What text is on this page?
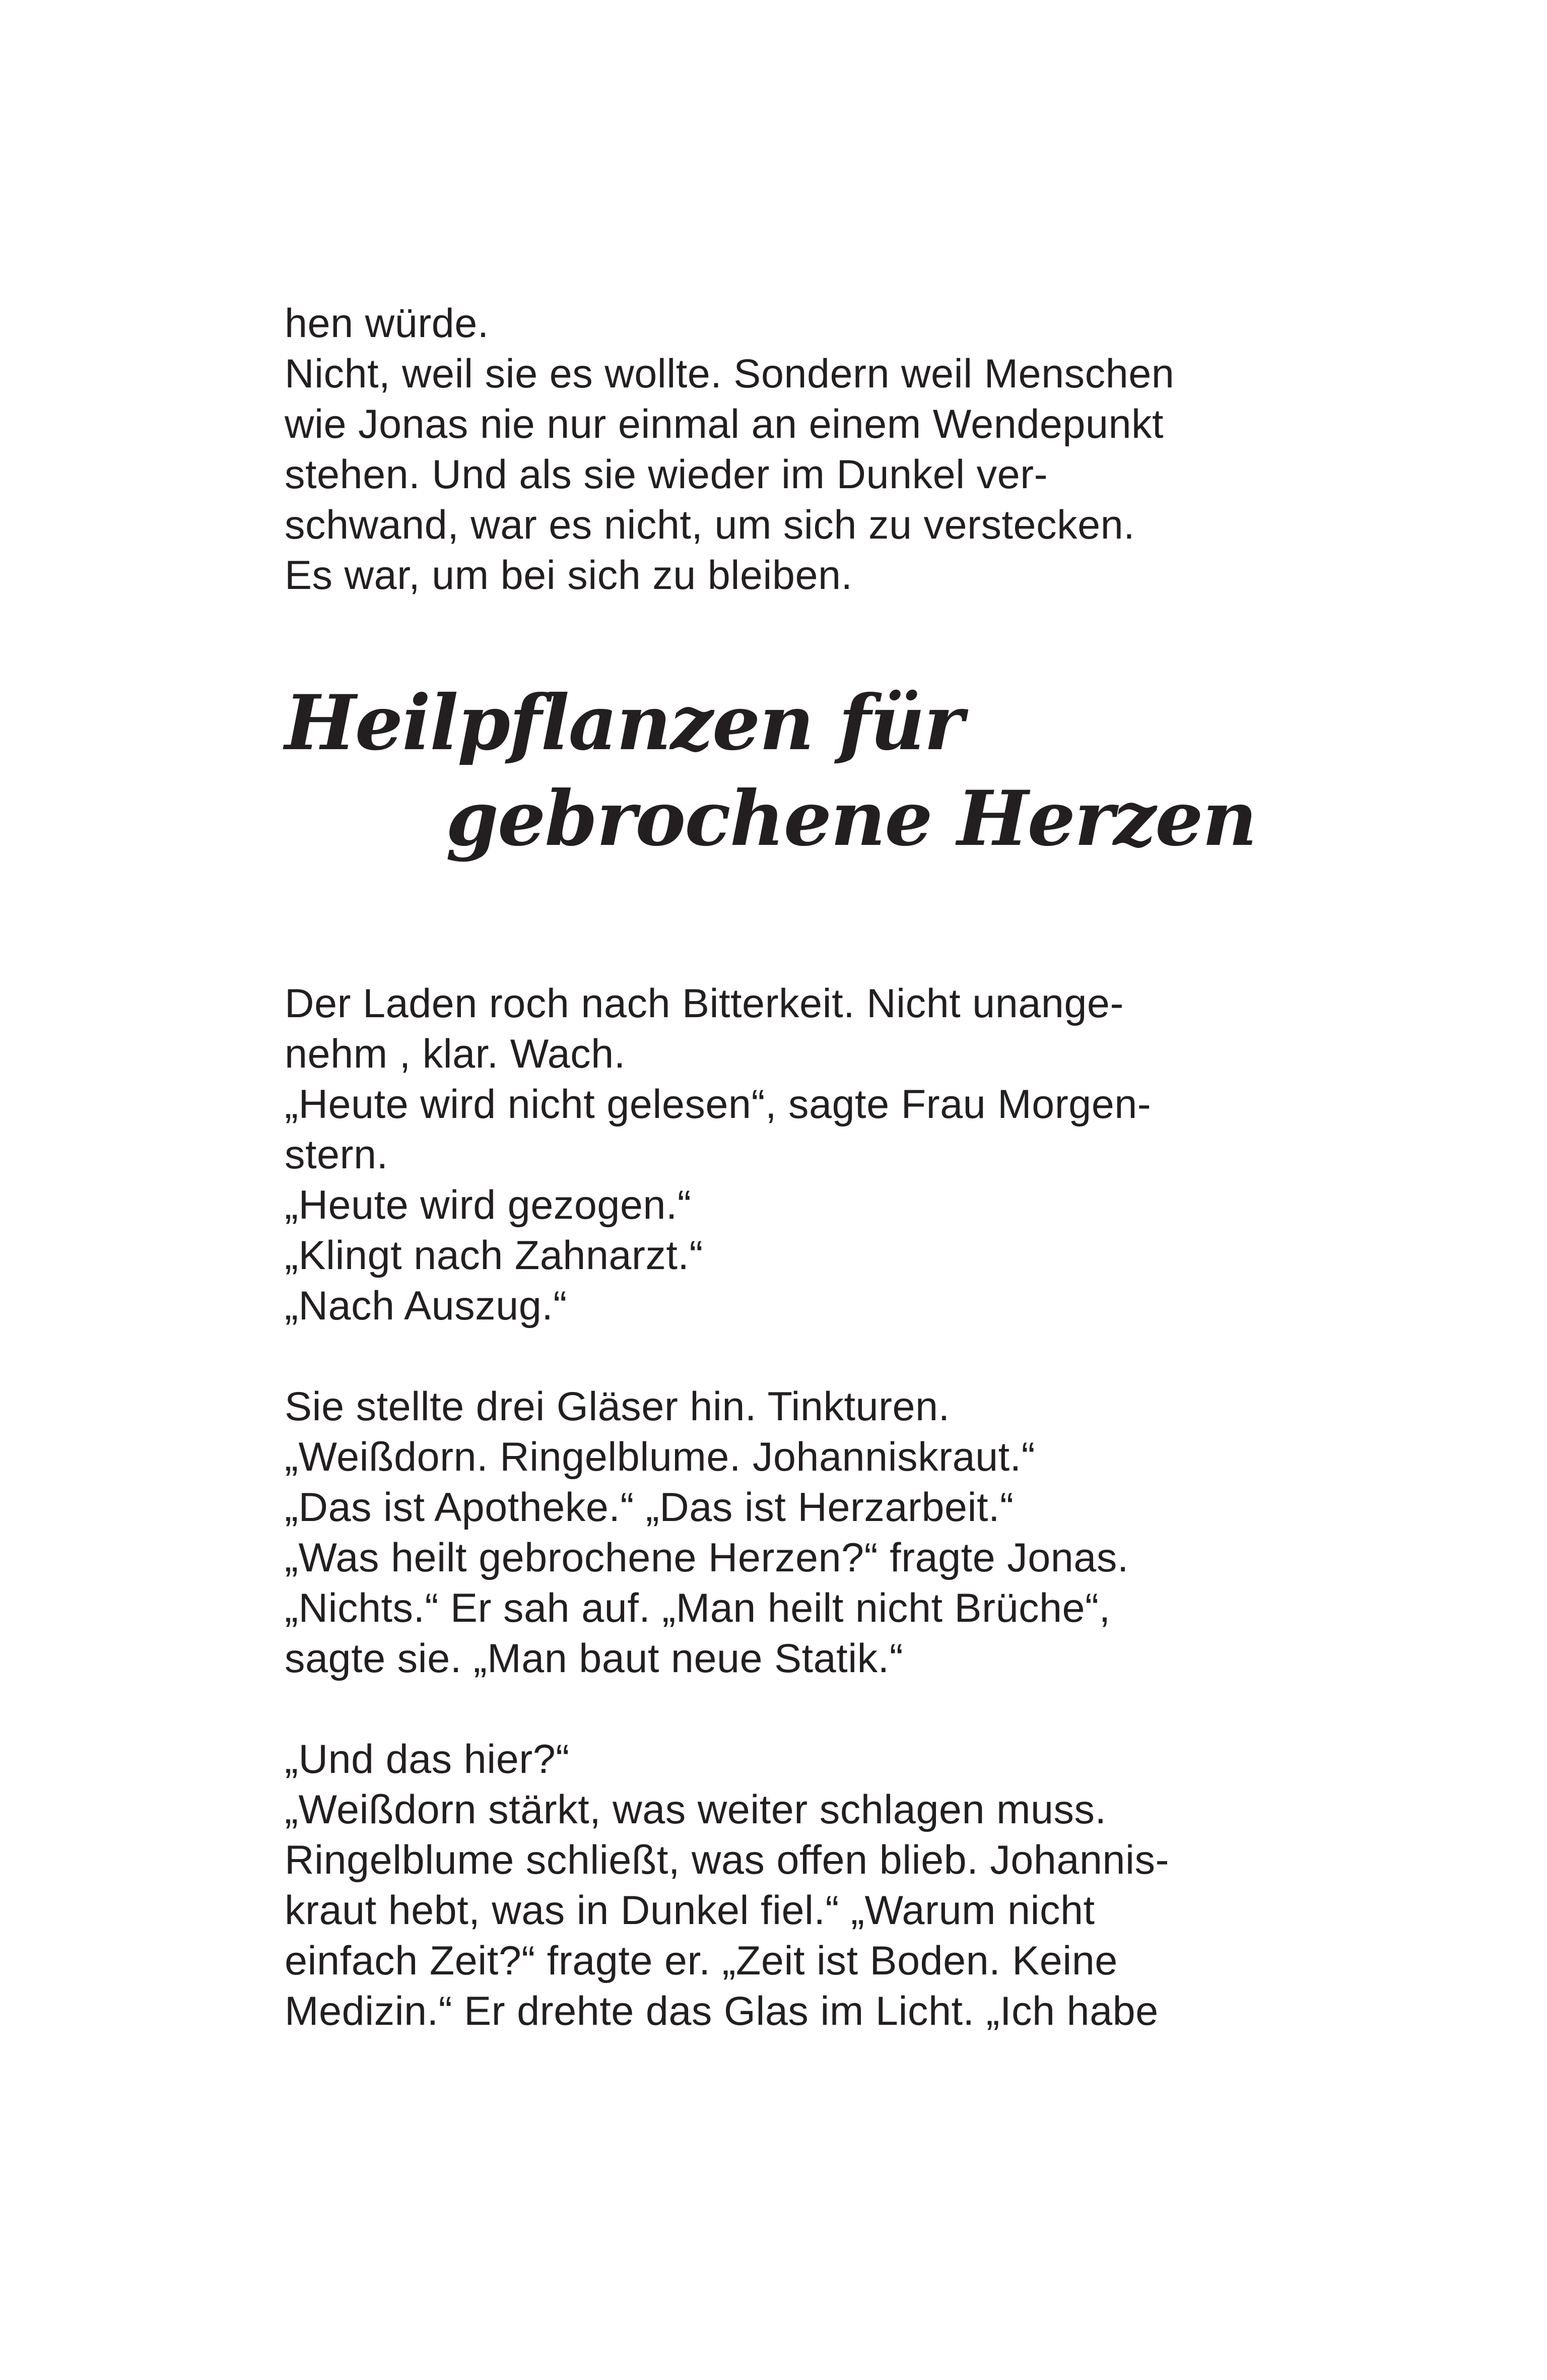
hen würde.
Nicht, weil sie es wollte. Sondern weil Menschen
wie Jonas nie nur einmal an einem Wendepunkt
stehen. Und als sie wieder im Dunkel ver-
schwand, war es nicht, um sich zu verstecken.
Es war, um bei sich zu bleiben.
Heilpflanzen für
gebrochene Herzen
Der Laden roch nach Bitterkeit. Nicht unange-
nehm , klar. Wach.
„Heute wird nicht gelesen“, sagte Frau Morgen-
stern.
„Heute wird gezogen.“
„Klingt nach Zahnarzt.“
„Nach Auszug.“
Sie stellte drei Gläser hin. Tinkturen.
„Weißdorn. Ringelblume. Johanniskraut.“
„Das ist Apotheke.“ „Das ist Herzarbeit.“
„Was heilt gebrochene Herzen?“ fragte Jonas.
„Nichts.“ Er sah auf. „Man heilt nicht Brüche“,
sagte sie. „Man baut neue Statik.“
„Und das hier?“
„Weißdorn stärkt, was weiter schlagen muss.
Ringelblume schließt, was offen blieb. Johannis-
kraut hebt, was in Dunkel fiel.“ „Warum nicht
einfach Zeit?“ fragte er. „Zeit ist Boden. Keine
Medizin.“ Er drehte das Glas im Licht. „Ich habe
